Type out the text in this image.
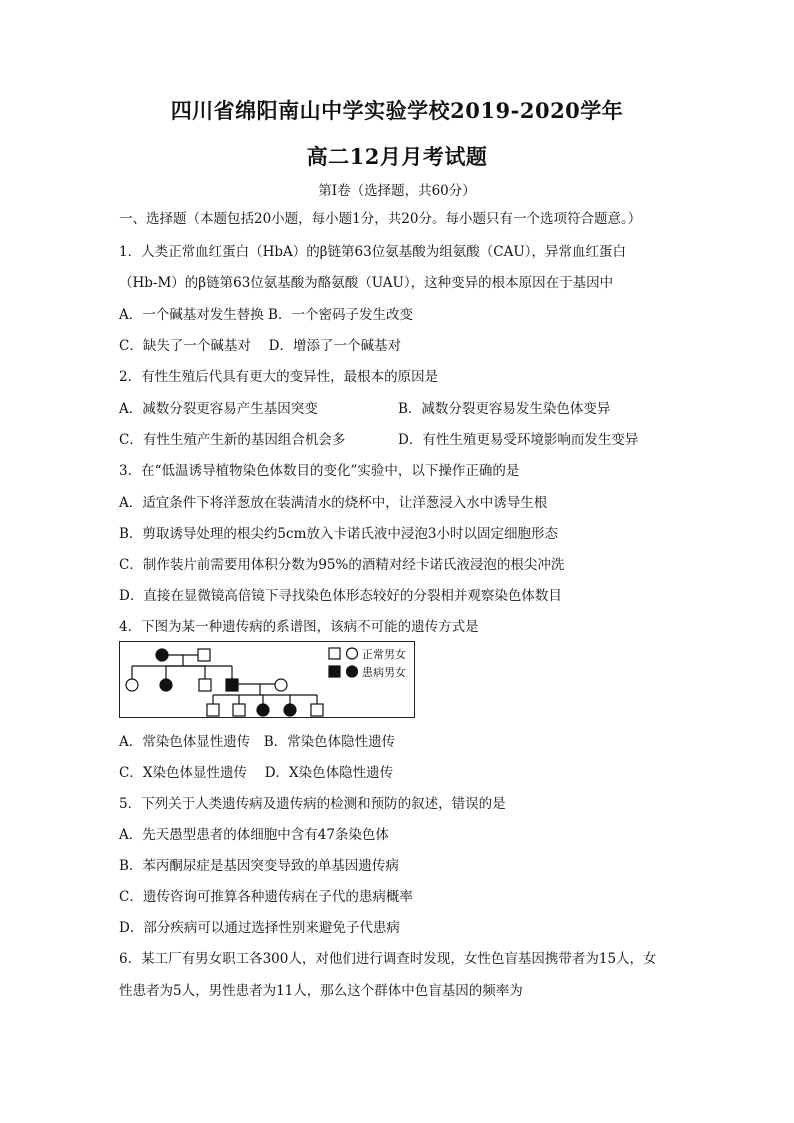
四川省绵阳南山中学实验学校2019-2020学年
高二12月月考试题
第Ⅰ卷（选择题，共60分）
一、选择题（本题包括20小题，每小题1分，共20分。每小题只有一个选项符合题意。）
1．人类正常血红蛋白（HbA）的β链第63位氨基酸为组氨酸（CAU），异常血红蛋白
（Hb-M）的β链第63位氨基酸为酪氨酸（UAU），这种变异的根本原因在于基因中
A．一个碱基对发生替换 B．一个密码子发生改变
C．缺失了一个碱基对　 D．增添了一个碱基对
2．有性生殖后代具有更大的变异性，最根本的原因是
A．减数分裂更容易产生基因突变	B．减数分裂更容易发生染色体变异
C．有性生殖产生新的基因组合机会多	D．有性生殖更易受环境影响而发生变异
3．在“低温诱导植物染色体数目的变化”实验中，以下操作正确的是
A．适宜条件下将洋葱放在装满清水的烧杯中，让洋葱浸入水中诱导生根
B．剪取诱导处理的根尖约5cm放入卡诺氏液中浸泡3小时以固定细胞形态
C．制作装片前需要用体积分数为95%的酒精对经卡诺氏液浸泡的根尖冲洗
D．直接在显微镜高倍镜下寻找染色体形态较好的分裂相并观察染色体数目
4．下图为某一种遗传病的系谱图，该病不可能的遗传方式是
正常男女
患病男女
A．常染色体显性遗传　B．常染色体隐性遗传
C．X染色体显性遗传　 D．X染色体隐性遗传
5．下列关于人类遗传病及遗传病的检测和预防的叙述，错误的是
A．先天愚型患者的体细胞中含有47条染色体
B．苯丙酮尿症是基因突变导致的单基因遗传病
C．遗传咨询可推算各种遗传病在子代的患病概率
D．部分疾病可以通过选择性别来避免子代患病
6．某工厂有男女职工各300人，对他们进行调查时发现，女性色盲基因携带者为15人，女
性患者为5人，男性患者为11人，那么这个群体中色盲基因的频率为
